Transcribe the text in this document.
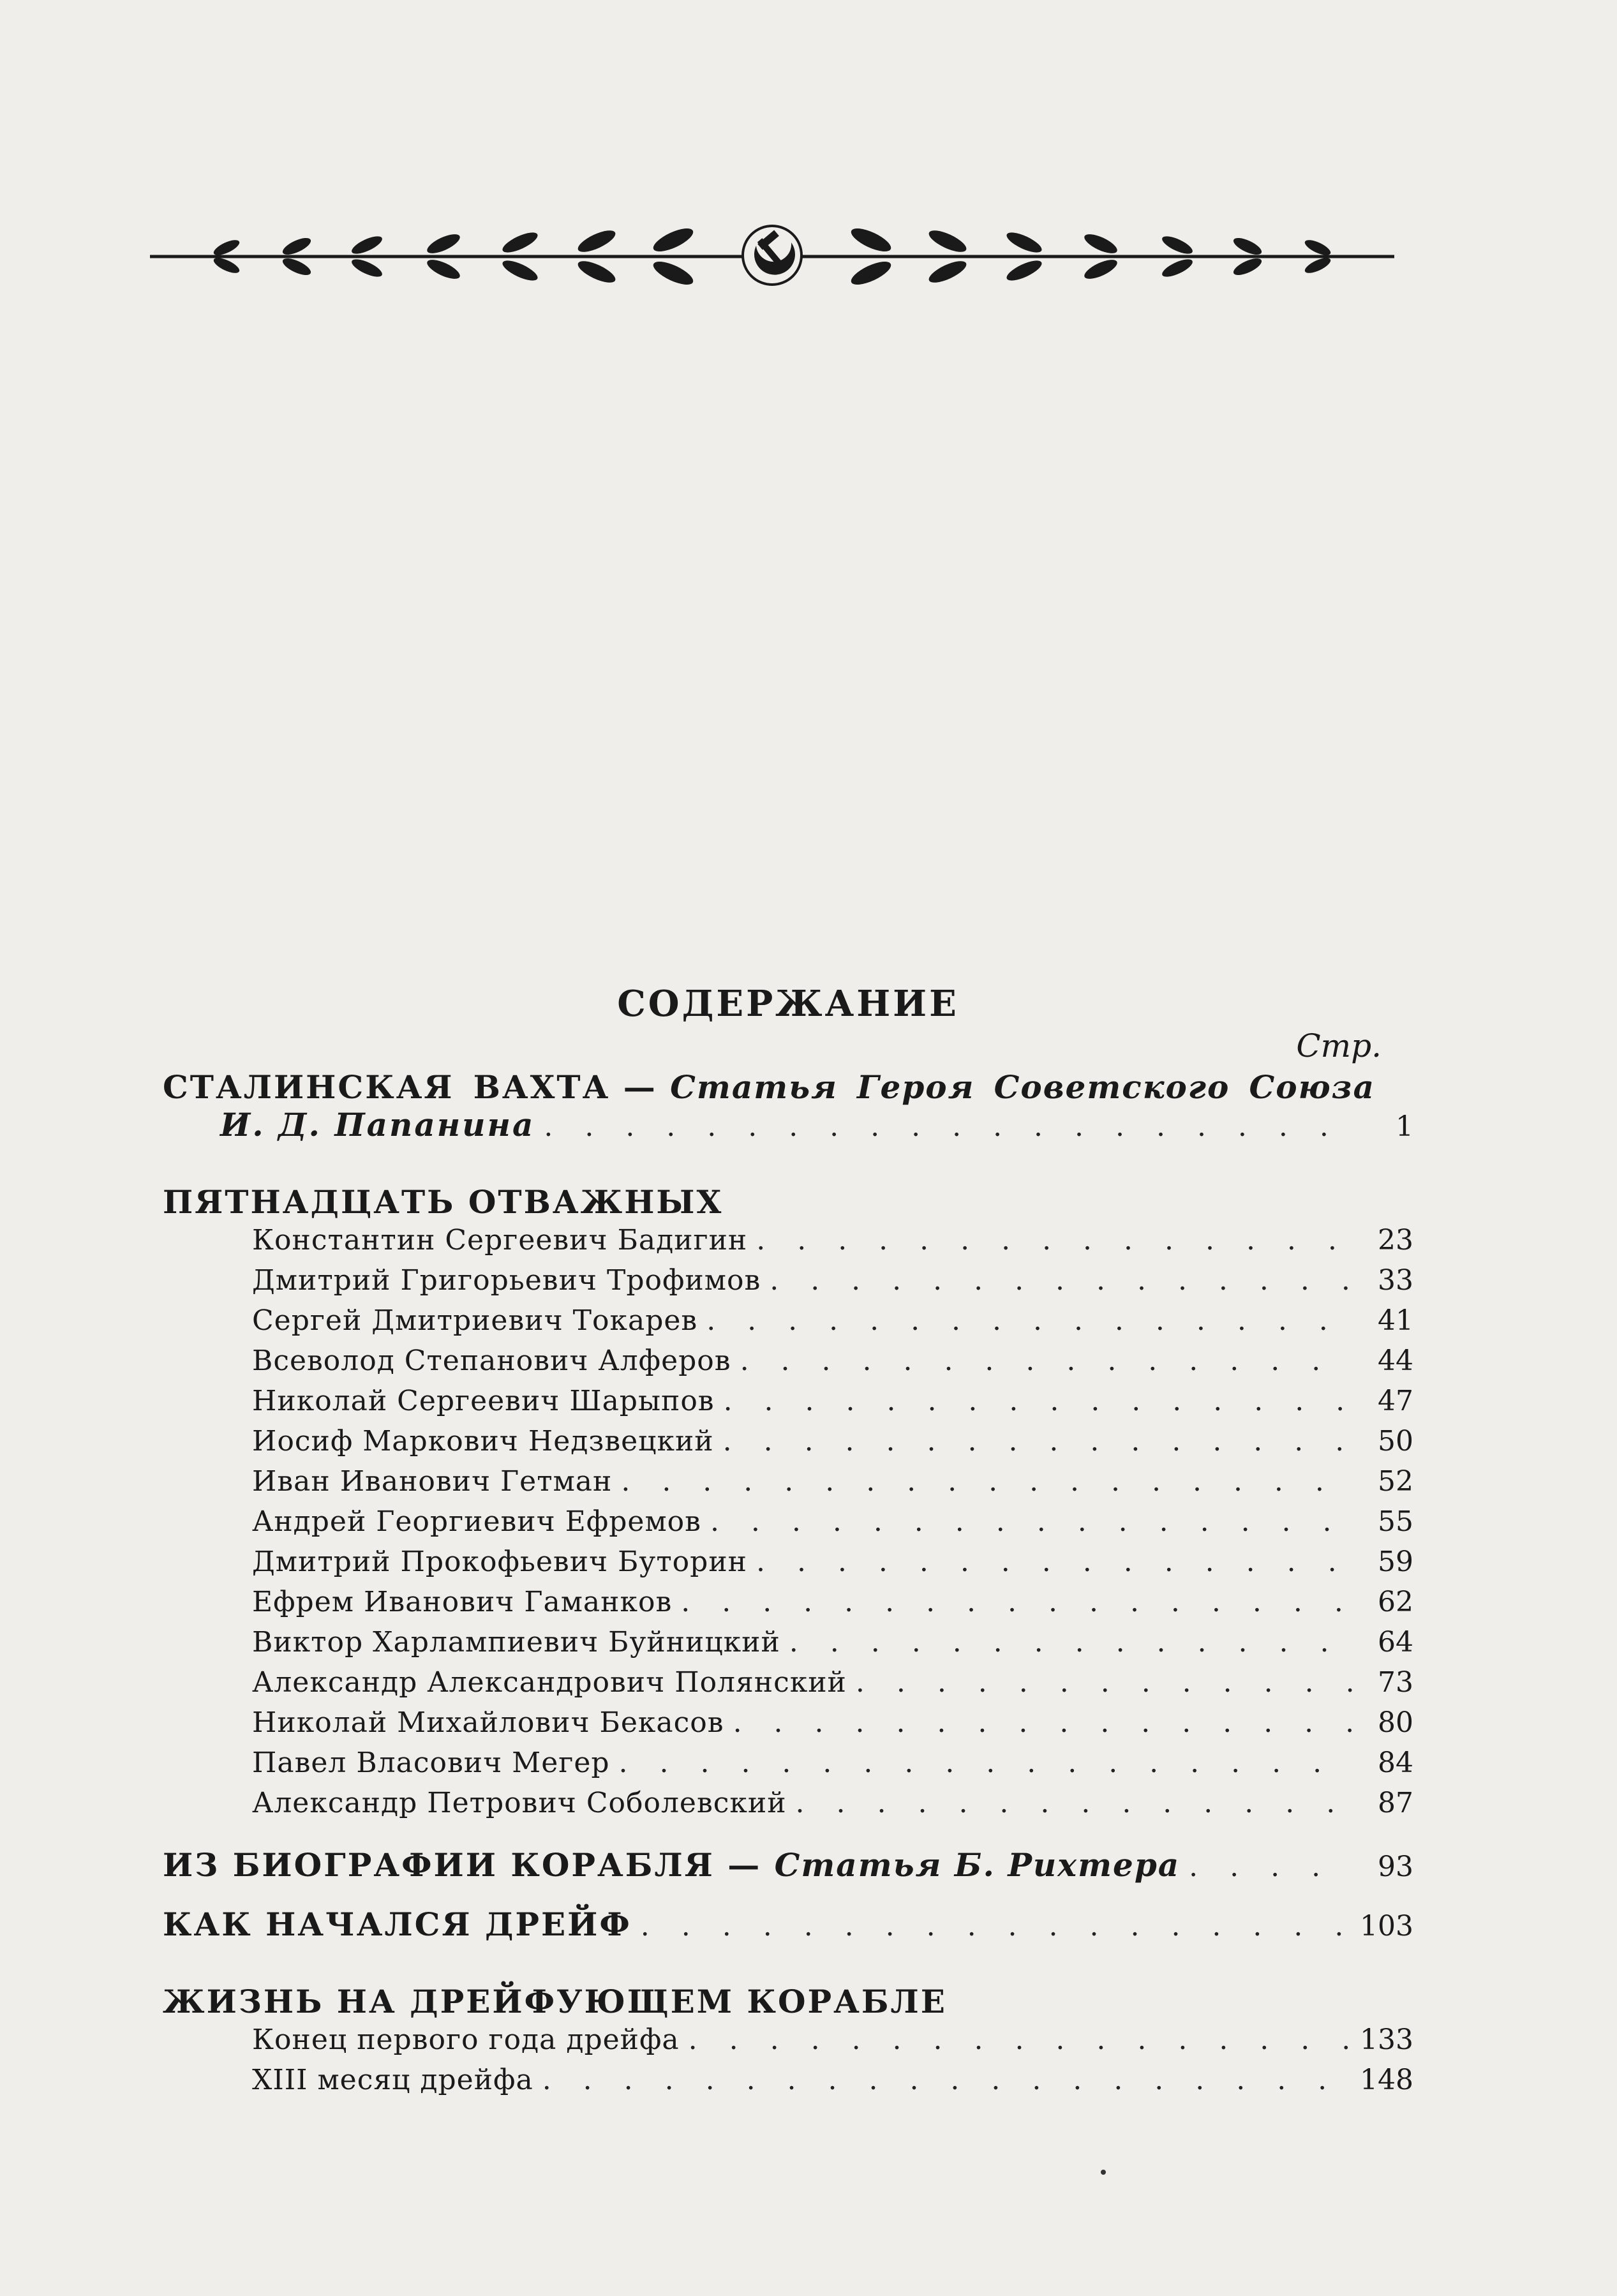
СОДЕРЖАНИЕ
Стр.
СТАЛИНСКАЯ ВАХТА — Статья Героя Советского Союза
И. Д. Папанина . . .	1
ПЯТНАДЦАТЬ ОТВАЖНЫХ
Константин Сергеевич Бадигин . . .	23
Дмитрий Григорьевич Трофимов . . .	33
Сергей Дмитриевич Токарев . . .	41
Всеволод Степанович Алферов . . .	44
Николай Сергеевич Шарыпов . . .	47
Иосиф Маркович Недзвецкий . . .	50
Иван Иванович Гетман . . .	52
Андрей Георгиевич Ефремов . . .	55
Дмитрий Прокофьевич Буторин . . .	59
Ефрем Иванович Гаманков . . .	62
Виктор Харлампиевич Буйницкий . . .	64
Александр Александрович Полянский . . .	73
Николай Михайлович Бекасов . . .	80
Павел Власович Мегер . . .	84
Александр Петрович Соболевский . . .	87
ИЗ БИОГРАФИИ КОРАБЛЯ — Статья Б. Рихтера . . .	93
КАК НАЧАЛСЯ ДРЕЙФ . . .	103
ЖИЗНЬ НА ДРЕЙФУЮЩЕМ КОРАБЛЕ
Конец первого года дрейфа . . .	133
XIII месяц дрейфа . . .	148
